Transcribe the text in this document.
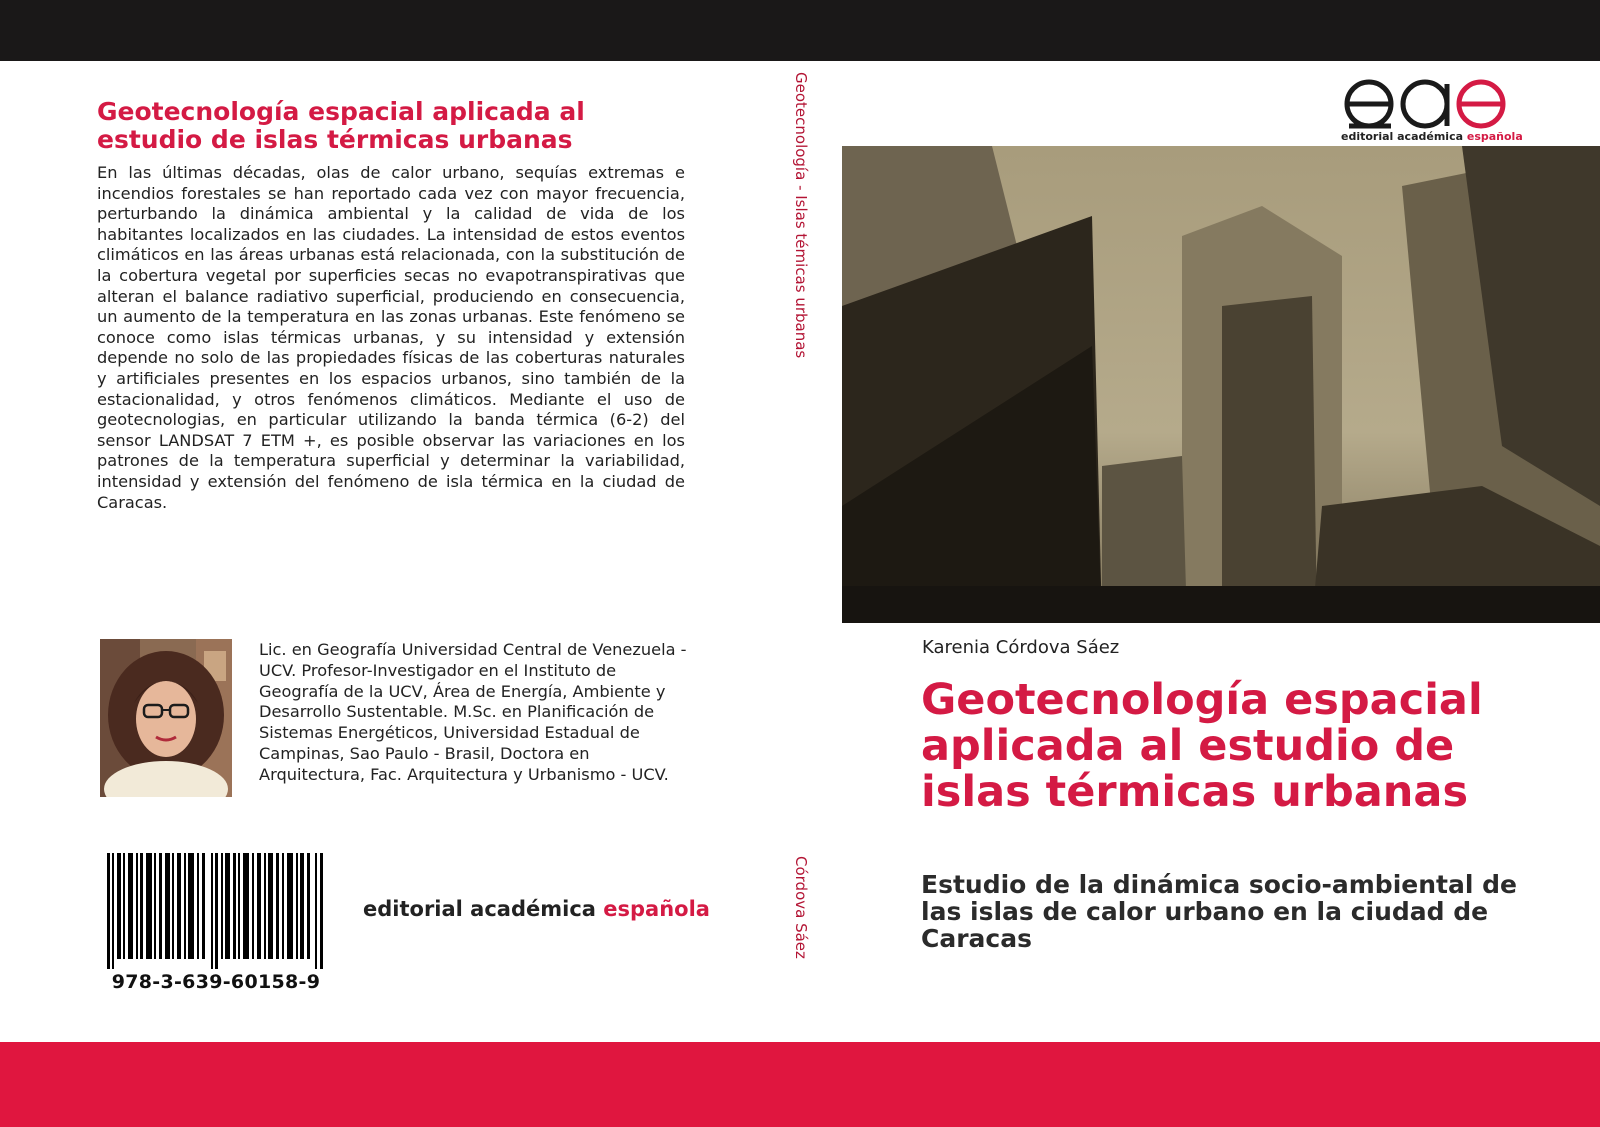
Geotecnología espacial aplicada al estudio de islas térmicas urbanas

En las últimas décadas, olas de calor urbano, sequías extremas e incendios forestales se han reportado cada vez con mayor frecuencia, perturbando la dinámica ambiental y la calidad de vida de los habitantes localizados en las ciudades. La intensidad de estos eventos climáticos en las áreas urbanas está relacionada, con la substitución de la cobertura vegetal por superficies secas no evapotranspirativas que alteran el balance radiativo superficial, produciendo en consecuencia, un aumento de la temperatura en las zonas urbanas. Este fenómeno se conoce como islas térmicas urbanas, y su intensidad y extensión depende no solo de las propiedades físicas de las coberturas naturales y artificiales presentes en los espacios urbanos, sino también de la estacionalidad, y otros fenómenos climáticos. Mediante el uso de geotecnologias, en particular utilizando la banda térmica (6-2) del sensor LANDSAT 7 ETM +, es posible observar las variaciones en los patrones de la temperatura superficial y determinar la variabilidad, intensidad y extensión del fenómeno de isla térmica en la ciudad de Caracas.

Lic. en Geografía Universidad Central de Venezuela - UCV. Profesor-Investigador en el Instituto de Geografía de la UCV, Área de Energía, Ambiente y Desarrollo Sustentable. M.Sc. en Planificación de Sistemas Energéticos, Universidad Estadual de Campinas, Sao Paulo - Brasil, Doctora en Arquitectura, Fac. Arquitectura y Urbanismo - UCV.

978-3-639-60158-9
editorial académica española
Geotecnología - Islas témicas urbanas
Córdova Sáez
editorial académica española
Karenia Córdova Sáez
Geotecnología espacial aplicada al estudio de islas térmicas urbanas
Estudio de la dinámica socio-ambiental de las islas de calor urbano en la ciudad de Caracas
